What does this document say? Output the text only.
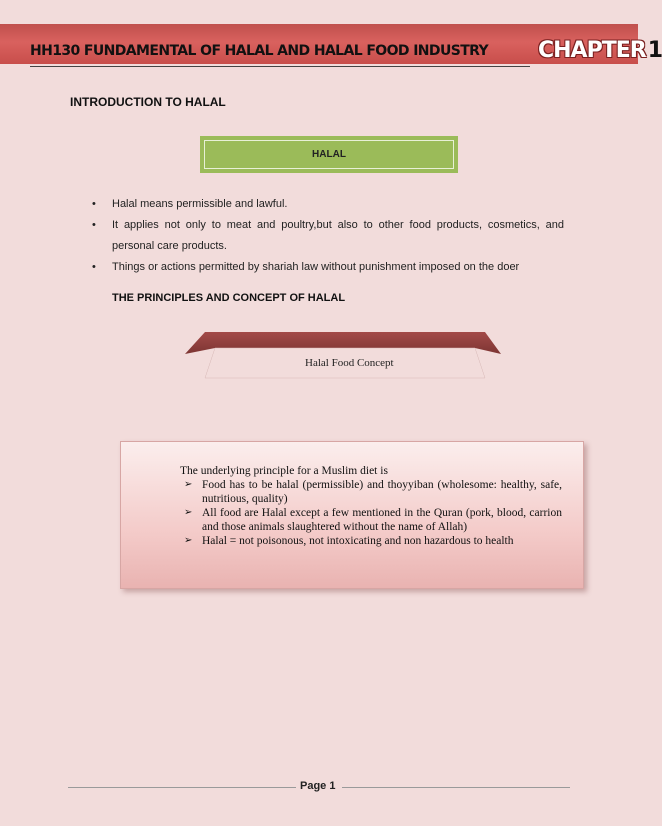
HH130 FUNDAMENTAL OF HALAL AND HALAL FOOD INDUSTRY CHAPTER1
INTRODUCTION TO HALAL
HALAL
• Halal means permissible and lawful.
• It applies not only to meat and poultry,but also to other food products, cosmetics, and personal care products.
• Things or actions permitted by shariah law without punishment imposed on the doer
THE PRINCIPLES AND CONCEPT OF HALAL
Halal Food Concept
The underlying principle for a Muslim diet is
➢ Food has to be halal (permissible) and thoyyiban (wholesome: healthy, safe, nutritious, quality)
➢ All food are Halal except a few mentioned in the Quran (pork, blood, carrion and those animals slaughtered without the name of Allah)
➢ Halal = not poisonous, not intoxicating and non hazardous to health
Page 1
